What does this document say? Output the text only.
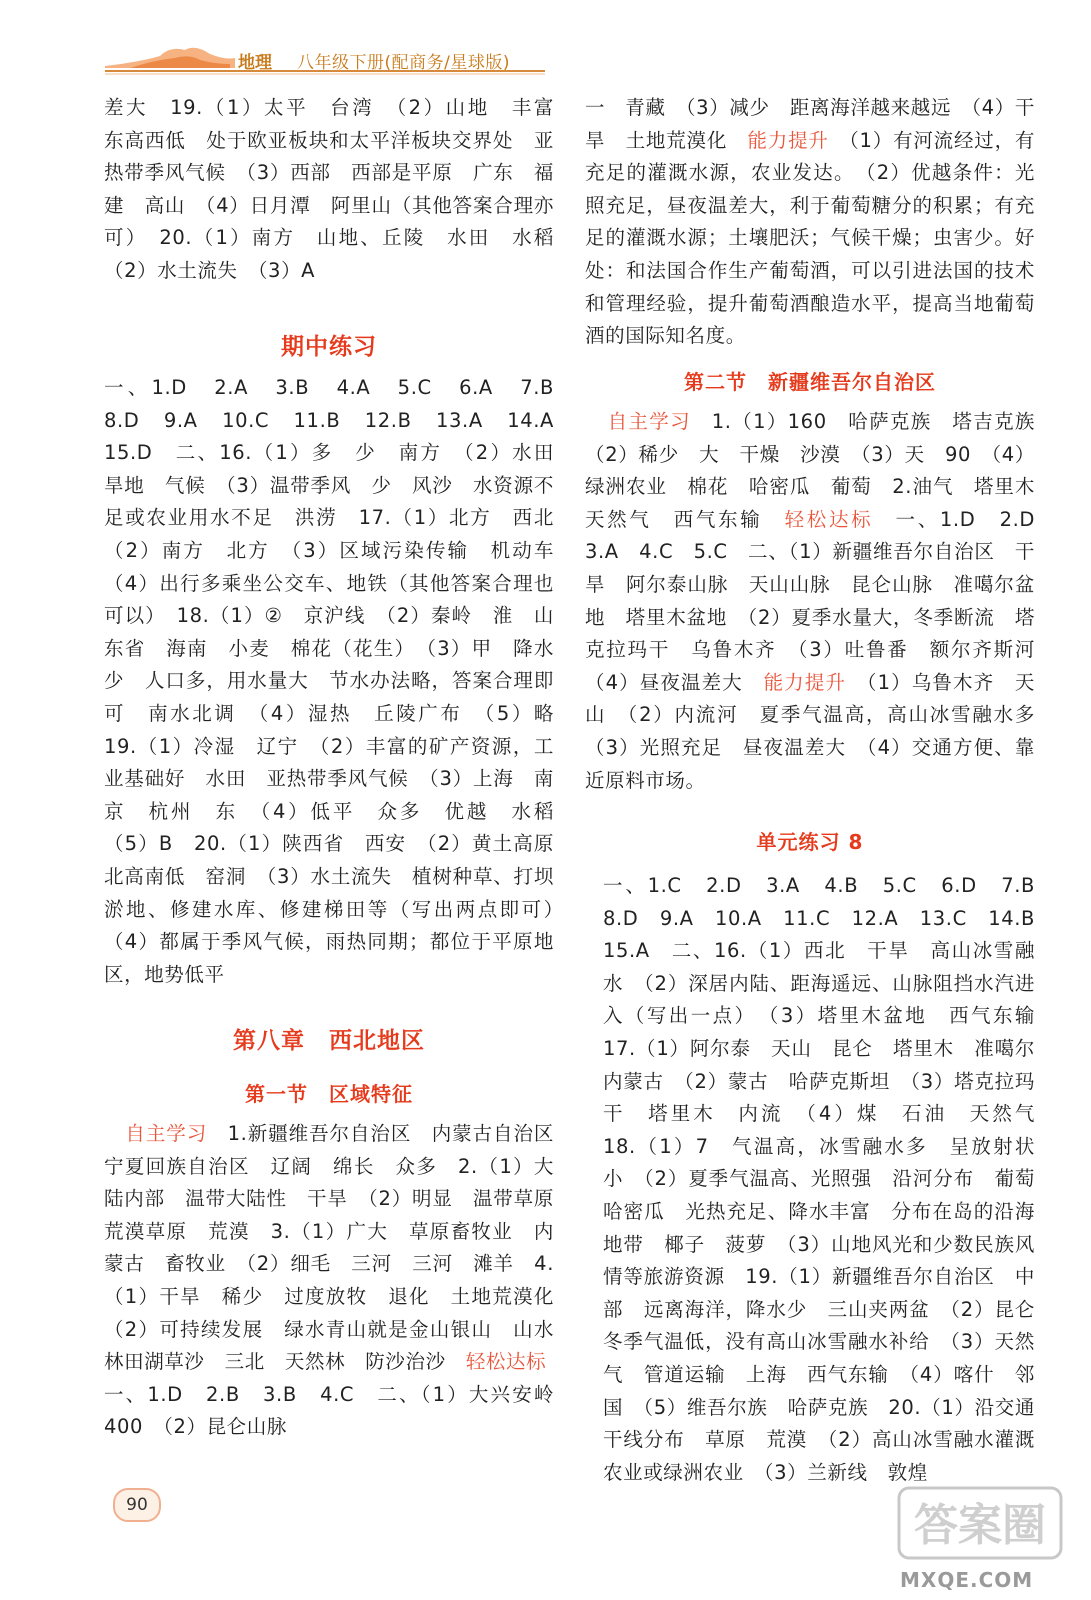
地理 八年级下册(配商务/星球版)
差大　19.（1）太平　台湾　（2）山地　丰富　东高西低　处于欧亚板块和太平洋板块交界处　亚热带季风气候　（3）西部　西部是平原　广东　福建　高山　（4）日月潭　阿里山（其他答案合理亦可）　20.（1）南方　山地、丘陵　水田　水稻　（2）水土流失　（3）A
期中练习
一、1.D　2.A　3.B　4.A　5.C　6.A　7.B　8.D　9.A　10.C　11.B　12.B　13.A　14.A　15.D　二、16.（1）多　少　南方　（2）水田　旱地　气候　（3）温带季风　少　风沙　水资源不足或农业用水不足　洪涝　17.（1）北方　西北　（2）南方　北方　（3）区域污染传输　机动车　（4）出行多乘坐公交车、地铁（其他答案合理也可以）　18.（1）②　京沪线　（2）秦岭　淮　山东省　海南　小麦　棉花（花生）　（3）甲　降水少　人口多，用水量大　节水办法略，答案合理即可　南水北调　（4）湿热　丘陵广布　（5）略　19.（1）冷湿　辽宁　（2）丰富的矿产资源，工业基础好　水田　亚热带季风气候　（3）上海　南京　杭州　东　（4）低平　众多　优越　水稻　（5）B　20.（1）陕西省　西安　（2）黄土高原　北高南低　窑洞　（3）水土流失　植树种草、打坝淤地、修建水库、修建梯田等（写出两点即可）　（4）都属于季风气候，雨热同期；都位于平原地区，地势低平
第八章　西北地区
第一节　区域特征
自主学习　1.新疆维吾尔自治区　内蒙古自治区　宁夏回族自治区　辽阔　绵长　众多　2.（1）大陆内部　温带大陆性　干旱　（2）明显　温带草原　荒漠草原　荒漠　3.（1）广大　草原畜牧业　内蒙古　畜牧业　（2）细毛　三河　三河　滩羊　4.（1）干旱　稀少　过度放牧　退化　土地荒漠化　（2）可持续发展　绿水青山就是金山银山　山水林田湖草沙　三北　天然林　防沙治沙　轻松达标　一、1.D　2.B　3.B　4.C　二、（1）大兴安岭　400　（2）昆仑山脉
一　青藏　（3）减少　距离海洋越来越远　（4）干旱　土地荒漠化　能力提升　（1）有河流经过，有充足的灌溉水源，农业发达。　（2）优越条件：光照充足，昼夜温差大，利于葡萄糖分的积累；有充足的灌溉水源；土壤肥沃；气候干燥；虫害少。好处：和法国合作生产葡萄酒，可以引进法国的技术和管理经验，提升葡萄酒酿造水平，提高当地葡萄酒的国际知名度。
第二节　新疆维吾尔自治区
自主学习　1.（1）160　哈萨克族　塔吉克族　（2）稀少　大　干燥　沙漠　（3）天　90　（4）绿洲农业　棉花　哈密瓜　葡萄　2.油气　塔里木　天然气　西气东输　轻松达标　一、1.D　2.D　3.A　4.C　5.C　二、（1）新疆维吾尔自治区　干旱　阿尔泰山脉　天山山脉　昆仑山脉　准噶尔盆地　塔里木盆地　（2）夏季水量大，冬季断流　塔克拉玛干　乌鲁木齐　（3）吐鲁番　额尔齐斯河　（4）昼夜温差大　能力提升　（1）乌鲁木齐　天山　（2）内流河　夏季气温高，高山冰雪融水多　（3）光照充足　昼夜温差大　（4）交通方便、靠近原料市场。
单元练习 8
一、1.C　2.D　3.A　4.B　5.C　6.D　7.B　8.D　9.A　10.A　11.C　12.A　13.C　14.B　15.A　二、16.（1）西北　干旱　高山冰雪融水　（2）深居内陆、距海遥远、山脉阻挡水汽进入（写出一点）　（3）塔里木盆地　西气东输　17.（1）阿尔泰　天山　昆仑　塔里木　准噶尔　内蒙古　（2）蒙古　哈萨克斯坦　（3）塔克拉玛干　塔里木　内流　（4）煤　石油　天然气　18.（1）7　气温高，冰雪融水多　呈放射状　小　（2）夏季气温高、光照强　沿河分布　葡萄　哈密瓜　光热充足、降水丰富　分布在岛的沿海地带　椰子　菠萝　（3）山地风光和少数民族风情等旅游资源　19.（1）新疆维吾尔自治区　中部　远离海洋，降水少　三山夹两盆　（2）昆仑　冬季气温低，没有高山冰雪融水补给　（3）天然气　管道运输　上海　西气东输　（4）喀什　邻国　（5）维吾尔族　哈萨克族　20.（1）沿交通干线分布　草原　荒漠　（2）高山冰雪融水灌溉农业或绿洲农业　（3）兰新线　敦煌
90	答案圈
MXQE.COM
